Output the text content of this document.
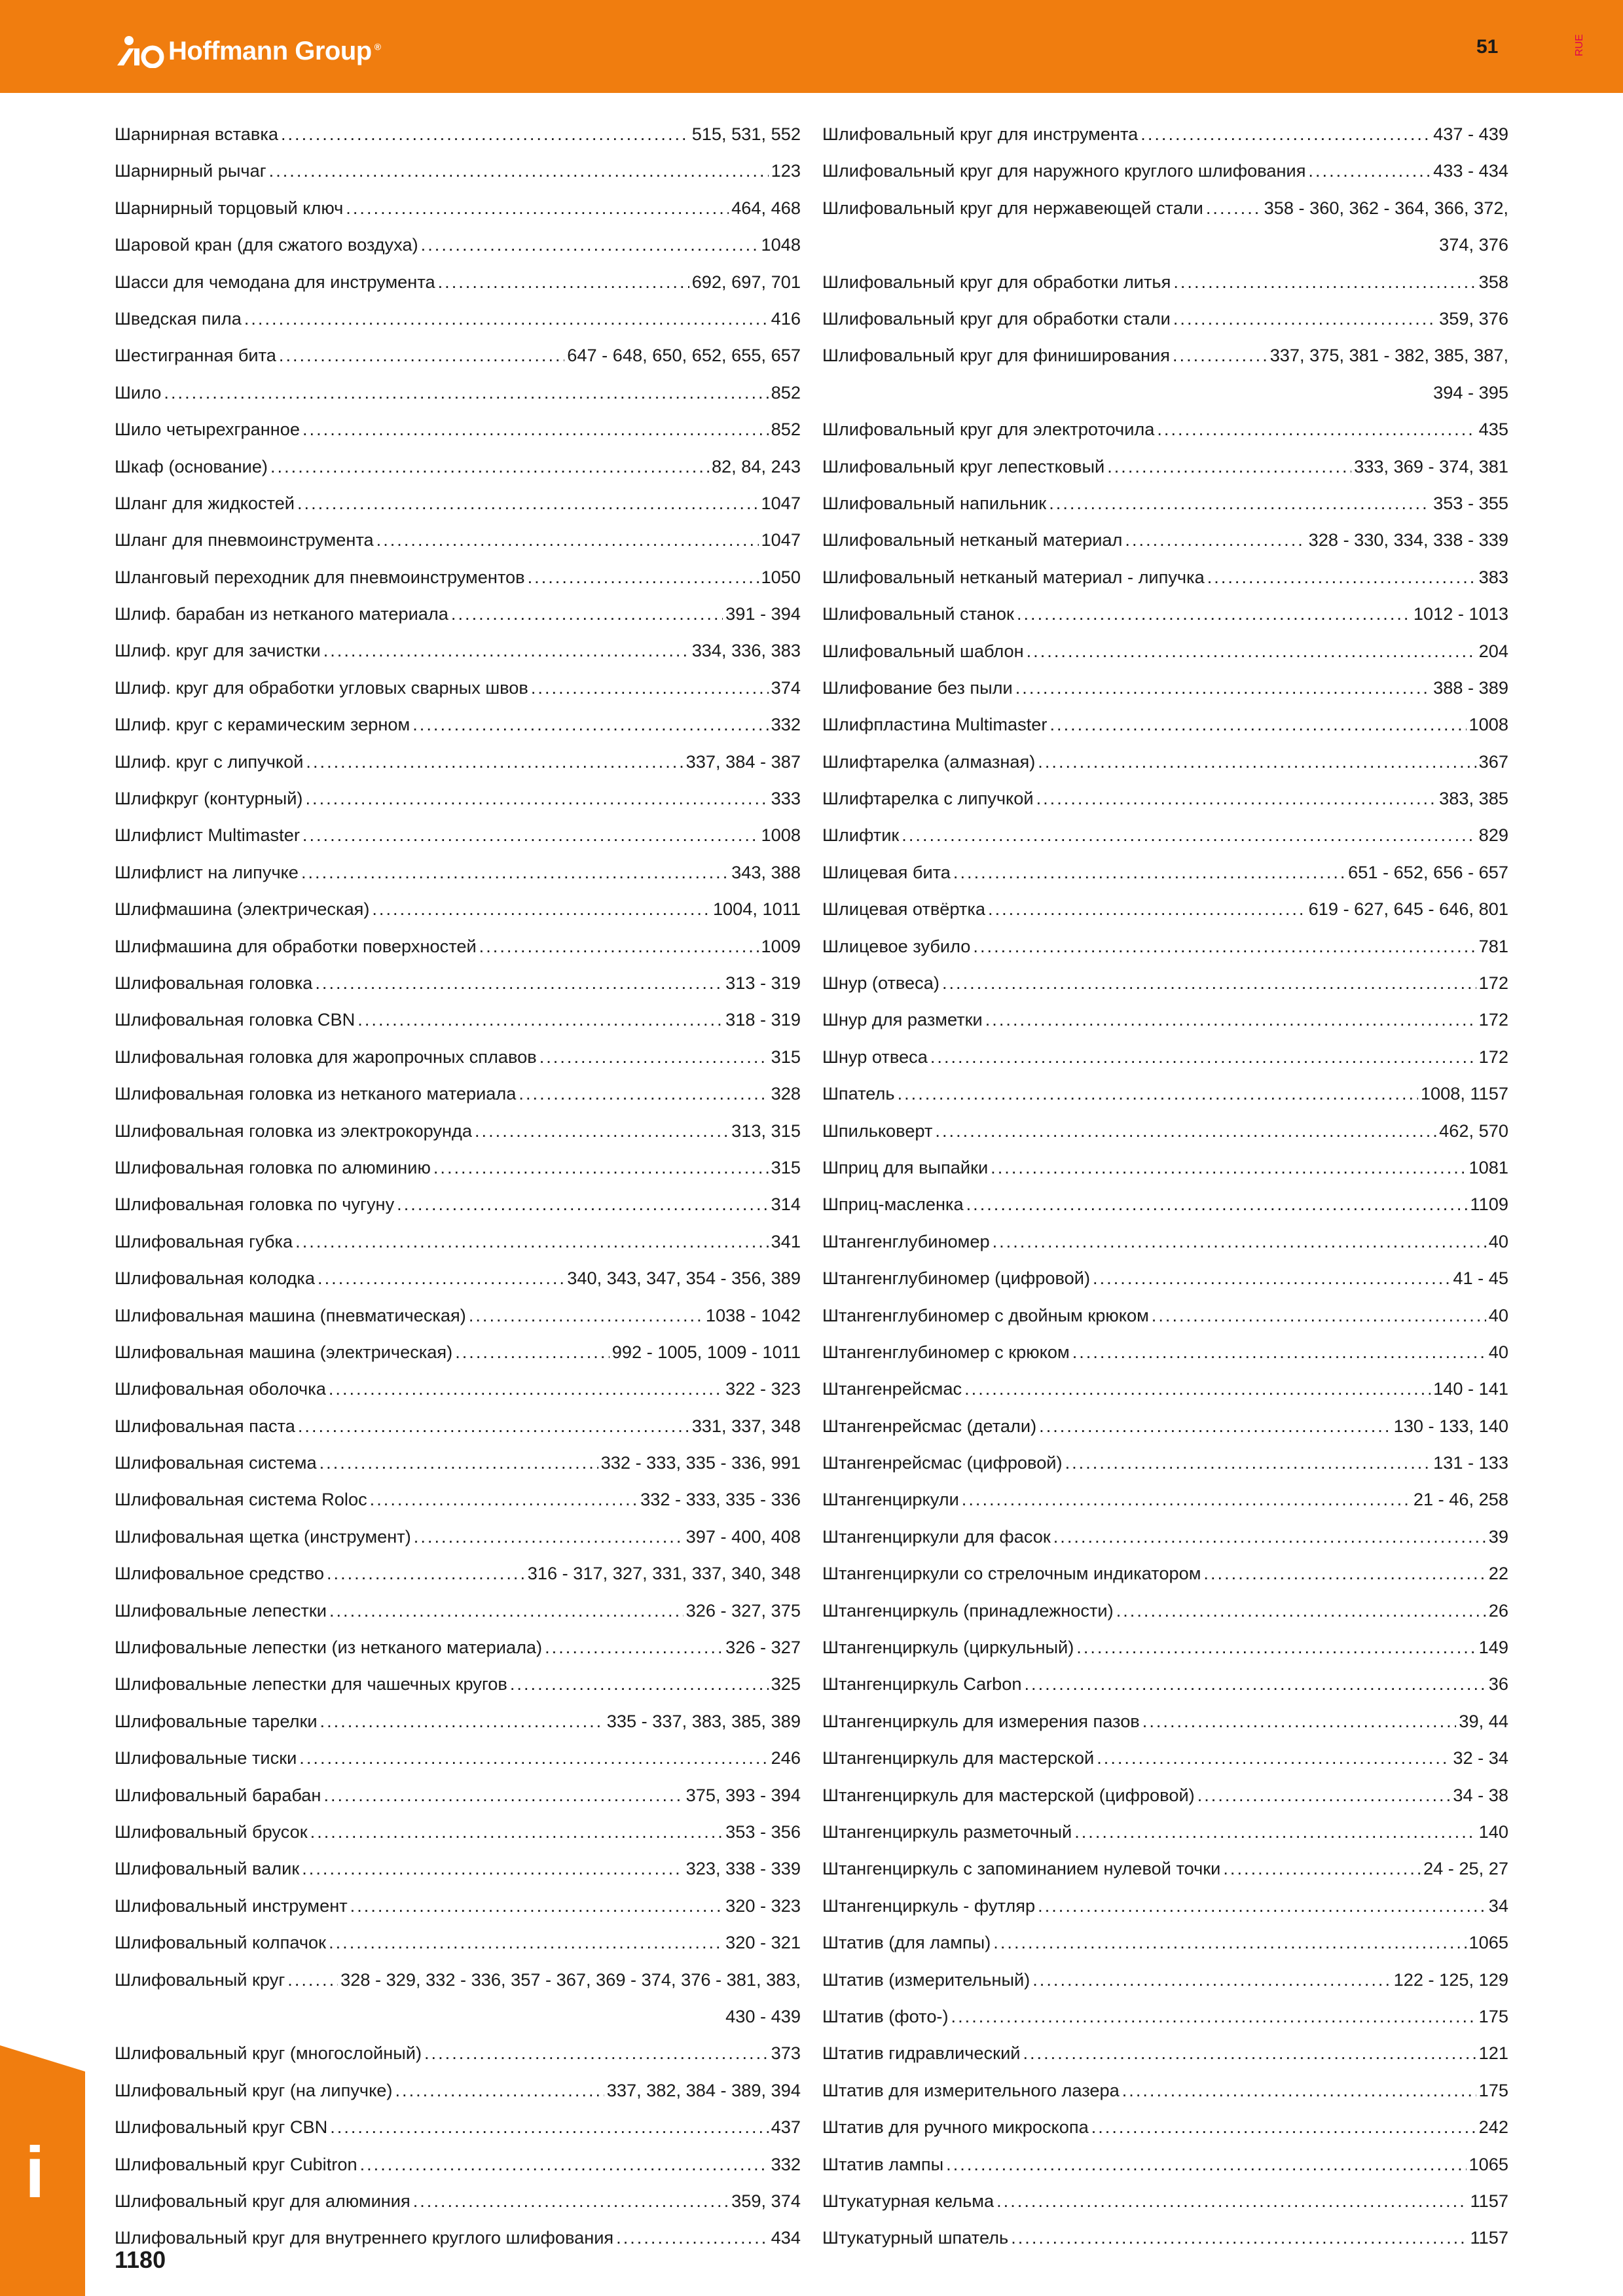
Hoffmann Group ®	51	RUE
Шарнирная вставка .....	515, 531, 552
Шарнирный рычаг .....	123
Шарнирный торцовый ключ .....	464, 468
Шаровой кран (для сжатого воздуха) .....	1048
Шасси для чемодана для инструмента .....	692, 697, 701
Шведская пила .....	416
Шестигранная бита .....	647 - 648, 650, 652, 655, 657
Шило .....	852
Шило четырехгранное .....	852
Шкаф (основание) .....	82, 84, 243
Шланг для жидкостей .....	1047
Шланг для пневмоинструмента .....	1047
Шланговый переходник для пневмоинструментов .....	1050
Шлиф. барабан из нетканого материала .....	391 - 394
Шлиф. круг для зачистки .....	334, 336, 383
Шлиф. круг для обработки угловых сварных швов .....	374
Шлиф. круг с керамическим зерном .....	332
Шлиф. круг с липучкой .....	337, 384 - 387
Шлифкруг (контурный) .....	333
Шлифлист Multimaster .....	1008
Шлифлист на липучке .....	343, 388
Шлифмашина (электрическая) .....	1004, 1011
Шлифмашина для обработки поверхностей .....	1009
Шлифовальная головка .....	313 - 319
Шлифовальная головка CBN .....	318 - 319
Шлифовальная головка для жаропрочных сплавов .....	315
Шлифовальная головка из нетканого материала .....	328
Шлифовальная головка из электрокорунда .....	313, 315
Шлифовальная головка по алюминию .....	315
Шлифовальная головка по чугуну .....	314
Шлифовальная губка .....	341
Шлифовальная колодка .....	340, 343, 347, 354 - 356, 389
Шлифовальная машина (пневматическая) .....	1038 - 1042
Шлифовальная машина (электрическая) .....	992 - 1005, 1009 - 1011
Шлифовальная оболочка .....	322 - 323
Шлифовальная паста .....	331, 337, 348
Шлифовальная система .....	332 - 333, 335 - 336, 991
Шлифовальная система Roloc .....	332 - 333, 335 - 336
Шлифовальная щетка (инструмент) .....	397 - 400, 408
Шлифовальное средство .....	316 - 317, 327, 331, 337, 340, 348
Шлифовальные лепестки .....	326 - 327, 375
Шлифовальные лепестки (из нетканого материала) .....	326 - 327
Шлифовальные лепестки для чашечных кругов .....	325
Шлифовальные тарелки .....	335 - 337, 383, 385, 389
Шлифовальные тиски .....	246
Шлифовальный барабан .....	375, 393 - 394
Шлифовальный брусок .....	353 - 356
Шлифовальный валик .....	323, 338 - 339
Шлифовальный инструмент .....	320 - 323
Шлифовальный колпачок .....	320 - 321
Шлифовальный круг .....	328 - 329, 332 - 336, 357 - 367, 369 - 374, 376 - 381, 383,
430 - 439
Шлифовальный круг (многослойный) .....	373
Шлифовальный круг (на липучке) .....	337, 382, 384 - 389, 394
Шлифовальный круг CBN .....	437
Шлифовальный круг Cubitron .....	332
Шлифовальный круг для алюминия .....	359, 374
Шлифовальный круг для внутреннего круглого шлифования .....	434
Шлифовальный круг для инструмента .....	437 - 439
Шлифовальный круг для наружного круглого шлифования .....	433 - 434
Шлифовальный круг для нержавеющей стали .....	358 - 360, 362 - 364, 366, 372,
374, 376
Шлифовальный круг для обработки литья .....	358
Шлифовальный круг для обработки стали .....	359, 376
Шлифовальный круг для финиширования .....	337, 375, 381 - 382, 385, 387,
394 - 395
Шлифовальный круг для электроточила .....	435
Шлифовальный круг лепестковый .....	333, 369 - 374, 381
Шлифовальный напильник .....	353 - 355
Шлифовальный нетканый материал .....	328 - 330, 334, 338 - 339
Шлифовальный нетканый материал - липучка .....	383
Шлифовальный станок .....	1012 - 1013
Шлифовальный шаблон .....	204
Шлифование без пыли .....	388 - 389
Шлифпластина Multimaster .....	1008
Шлифтарелка (алмазная) .....	367
Шлифтарелка с липучкой .....	383, 385
Шлифтик .....	829
Шлицевая бита .....	651 - 652, 656 - 657
Шлицевая отвёртка .....	619 - 627, 645 - 646, 801
Шлицевое зубило .....	781
Шнур (отвеса) .....	172
Шнур для разметки .....	172
Шнур отвеса .....	172
Шпатель .....	1008, 1157
Шпильковерт .....	462, 570
Шприц для выпайки .....	1081
Шприц-масленка .....	1109
Штангенглубиномер .....	40
Штангенглубиномер (цифровой) .....	41 - 45
Штангенглубиномер с двойным крюком .....	40
Штангенглубиномер с крюком .....	40
Штангенрейсмас .....	140 - 141
Штангенрейсмас (детали) .....	130 - 133, 140
Штангенрейсмас (цифровой) .....	131 - 133
Штангенциркули .....	21 - 46, 258
Штангенциркули для фасок .....	39
Штангенциркули со стрелочным индикатором .....	22
Штангенциркуль (принадлежности) .....	26
Штангенциркуль (циркульный) .....	149
Штангенциркуль Carbon .....	36
Штангенциркуль для измерения пазов .....	39, 44
Штангенциркуль для мастерской .....	32 - 34
Штангенциркуль для мастерской (цифровой) .....	34 - 38
Штангенциркуль разметочный .....	140
Штангенциркуль с запоминанием нулевой точки .....	24 - 25, 27
Штангенциркуль - футляр .....	34
Штатив (для лампы) .....	1065
Штатив (измерительный) .....	122 - 125, 129
Штатив (фото-) .....	175
Штатив гидравлический .....	121
Штатив для измерительного лазера .....	175
Штатив для ручного микроскопа .....	242
Штатив лампы .....	1065
Штукатурная кельма .....	1157
Штукатурный шпатель .....	1157
i
1180
